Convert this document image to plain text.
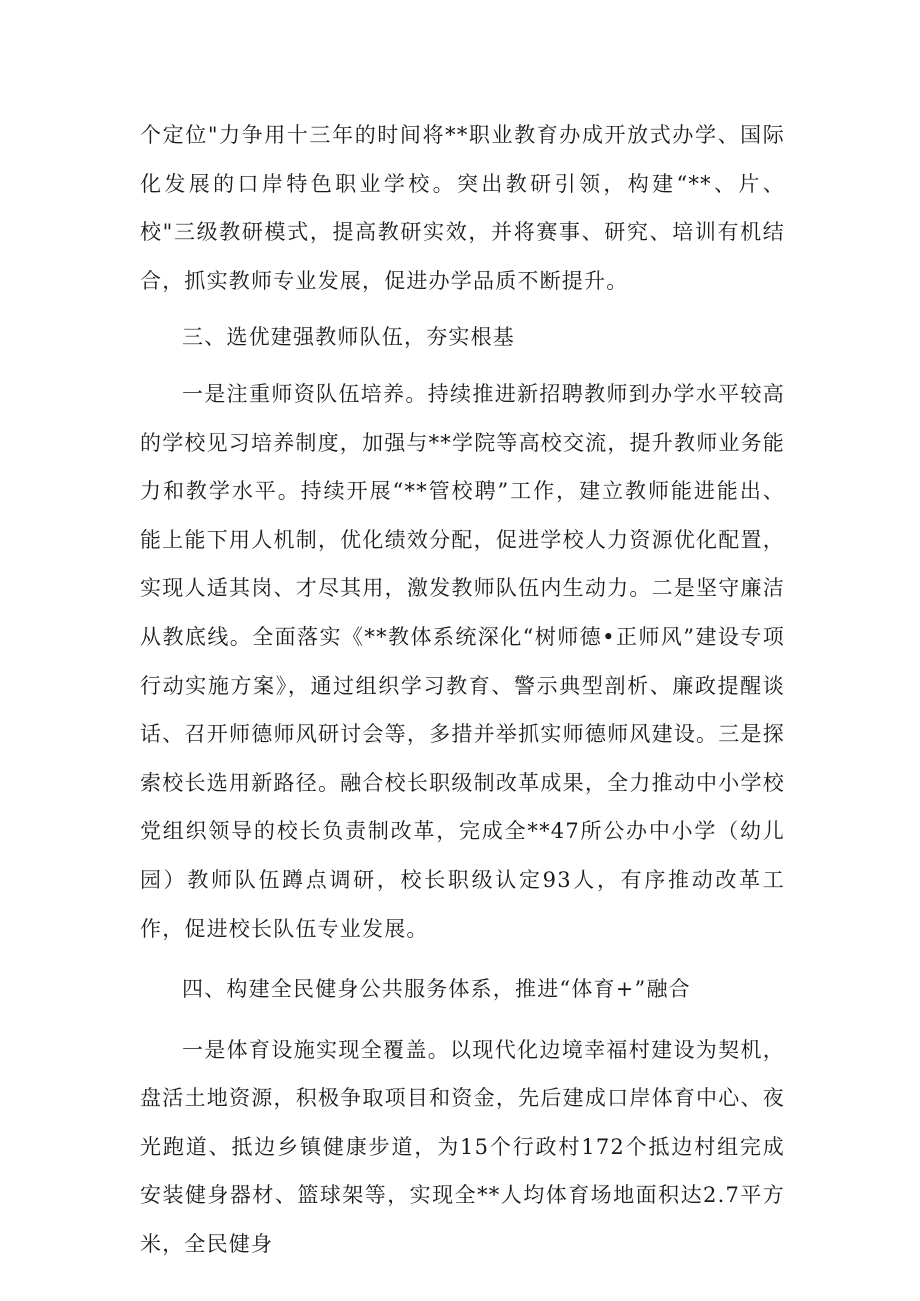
个定位"力争用十三年的时间将**职业教育办成开放式办学、国际化发展的口岸特色职业学校。突出教研引领，构建“**、片、校"三级教研模式，提高教研实效，并将赛事、研究、培训有机结合，抓实教师专业发展，促进办学品质不断提升。

三、选优建强教师队伍，夯实根基

一是注重师资队伍培养。持续推进新招聘教师到办学水平较高的学校见习培养制度，加强与**学院等高校交流，提升教师业务能力和教学水平。持续开展“**管校聘”工作，建立教师能进能出、能上能下用人机制，优化绩效分配，促进学校人力资源优化配置，实现人适其岗、才尽其用，激发教师队伍内生动力。二是坚守廉洁从教底线。全面落实《**教体系统深化“树师德•正师风”建设专项行动实施方案》，通过组织学习教育、警示典型剖析、廉政提醒谈话、召开师德师风研讨会等，多措并举抓实师德师风建设。三是探索校长选用新路径。融合校长职级制改革成果，全力推动中小学校党组织领导的校长负责制改革，完成全**47所公办中小学（幼儿园）教师队伍蹲点调研，校长职级认定93人，有序推动改革工作，促进校长队伍专业发展。

四、构建全民健身公共服务体系，推进“体育+”融合

一是体育设施实现全覆盖。以现代化边境幸福村建设为契机，盘活土地资源，积极争取项目和资金，先后建成口岸体育中心、夜光跑道、抵边乡镇健康步道，为15个行政村172个抵边村组完成安装健身器材、篮球架等，实现全**人均体育场地面积达2.7平方米，全民健身
